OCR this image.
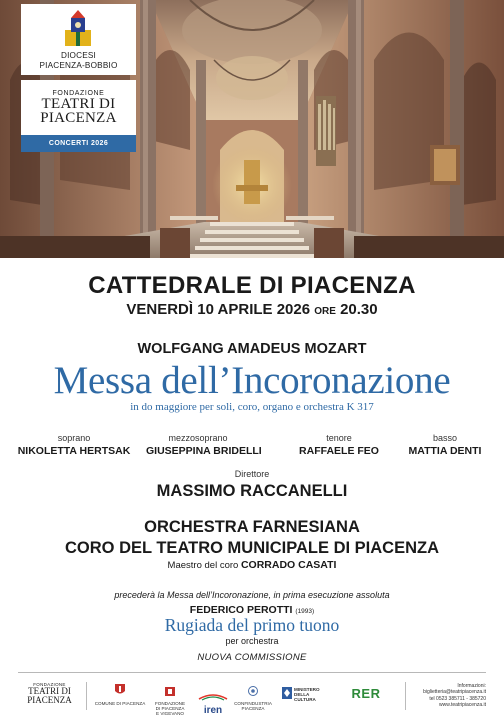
DIOCESI
PIACENZA-BOBBIO
FONDAZIONE
TEATRI DI
PIACENZA
CONCERTI 2026
CATTEDRALE DI PIACENZA
VENERDÌ 10 APRILE 2026 ORE 20.30
WOLFGANG AMADEUS MOZART
Messa dell’Incoronazione
in do maggiore per soli, coro, organo e orchestra K 317
soprano
NIKOLETTA HERTSAK
mezzosoprano
GIUSEPPINA BRIDELLI
tenore
RAFFAELE FEO
basso
MATTIA DENTI
Direttore
MASSIMO RACCANELLI
ORCHESTRA FARNESIANA
CORO DEL TEATRO MUNICIPALE DI PIACENZA
Maestro del coro CORRADO CASATI
precederà la Messa dell’Incoronazione, in prima esecuzione assoluta
FEDERICO PEROTTI (1993)
Rugiada del primo tuono
per orchestra
NUOVA COMMISSIONE
FONDAZIONE
TEATRI DI
PIACENZA	COMUNE DI PIACENZA	FONDAZIONE
DI PIACENZA
E VIGEVANO	iren
CONFINDUSTRIA
PIACENZA
MINISTERO
DELLA
CULTURA	RER	Informazioni:
biglietteria@teatripiacenza.it
tel 0523 385711 - 385720
www.teatripiacenza.it
